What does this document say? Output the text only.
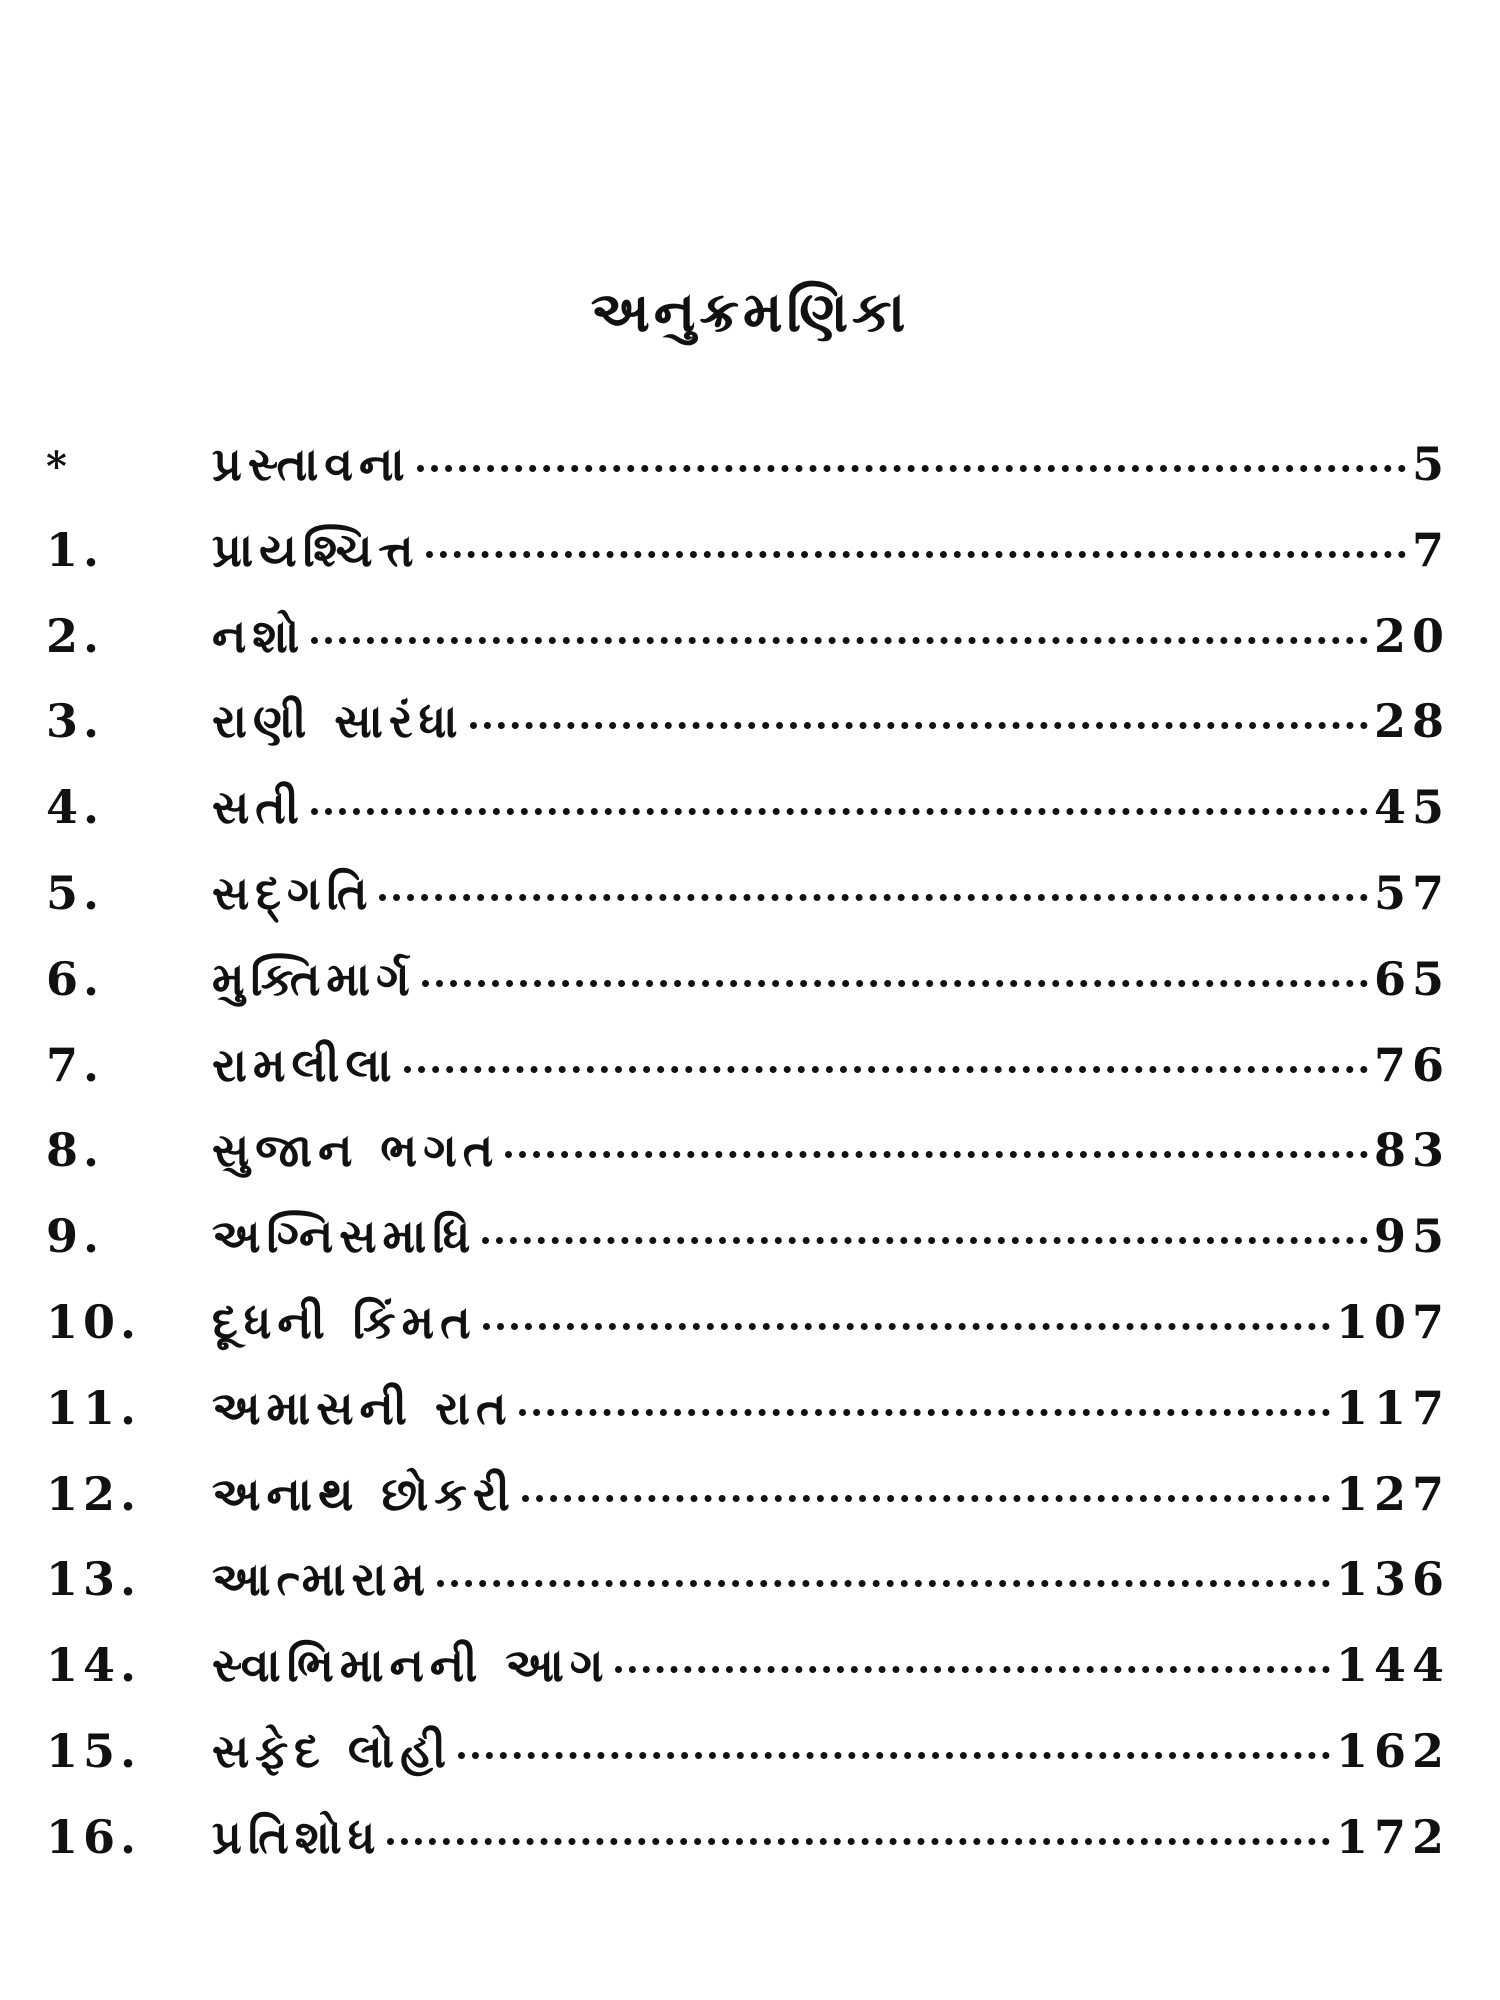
અનુક્રમણિકા
*	પ્રસ્તાવના	5
1.	પ્રાયશ્ચિત્ત	7
2.	નશો	20
3.	રાણી સારંધા	28
4.	સતી	45
5.	સદ્‌ગતિ	57
6.	મુક્તિમાર્ગ	65
7.	રામલીલા	76
8.	સુજાન ભગત	83
9.	અગ્નિસમાધિ	95
10.	દૂધની કિંમત	107
11.	અમાસની રાત	117
12.	અનાથ છોકરી	127
13.	આત્મારામ	136
14.	સ્વાભિમાનની આગ	144
15.	સફેદ લોહી	162
16.	પ્રતિશોધ	172
